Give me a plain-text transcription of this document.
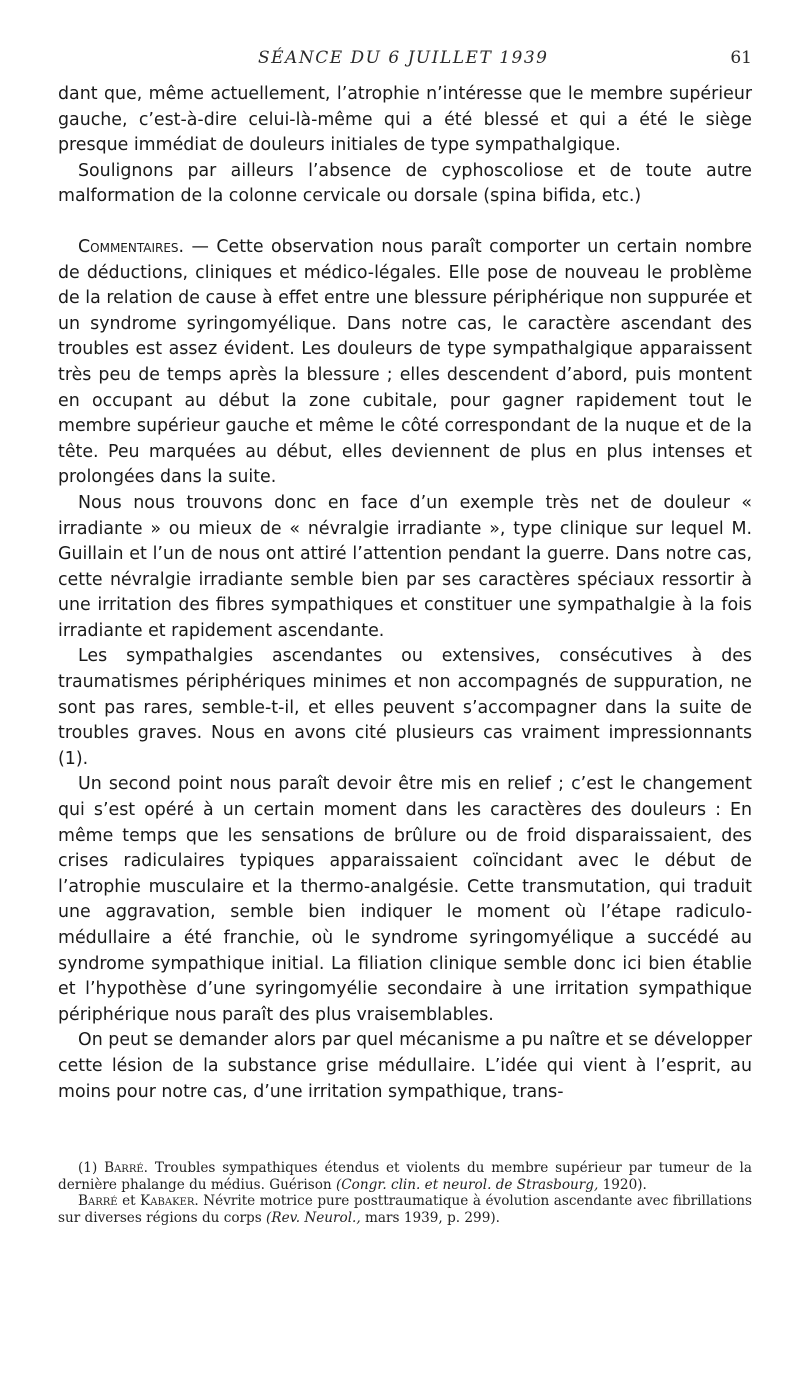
SÉANCE DU 6 JUILLET 1939	61

dant que, même actuellement, l’atrophie n’intéresse que le membre supérieur gauche, c’est-à-dire celui-là-même qui a été blessé et qui a été le siège presque immédiat de douleurs initiales de type sympathalgique.

Soulignons par ailleurs l’absence de cyphoscoliose et de toute autre malformation de la colonne cervicale ou dorsale (spina bifida, etc.)

Commentaires. — Cette observation nous paraît comporter un certain nombre de déductions, cliniques et médico-légales. Elle pose de nouveau le problème de la relation de cause à effet entre une blessure périphérique non suppurée et un syndrome syringomyélique. Dans notre cas, le caractère ascendant des troubles est assez évident. Les douleurs de type sympathalgique apparaissent très peu de temps après la blessure ; elles descendent d’abord, puis montent en occupant au début la zone cubitale, pour gagner rapidement tout le membre supérieur gauche et même le côté correspondant de la nuque et de la tête. Peu marquées au début, elles deviennent de plus en plus intenses et prolongées dans la suite.

Nous nous trouvons donc en face d’un exemple très net de douleur « irradiante » ou mieux de « névralgie irradiante », type clinique sur lequel M. Guillain et l’un de nous ont attiré l’attention pendant la guerre. Dans notre cas, cette névralgie irradiante semble bien par ses caractères spéciaux ressortir à une irritation des fibres sympathiques et constituer une sympathalgie à la fois irradiante et rapidement ascendante.

Les sympathalgies ascendantes ou extensives, consécutives à des traumatismes périphériques minimes et non accompagnés de suppuration, ne sont pas rares, semble-t-il, et elles peuvent s’accompagner dans la suite de troubles graves. Nous en avons cité plusieurs cas vraiment impressionnants (1).

Un second point nous paraît devoir être mis en relief ; c’est le changement qui s’est opéré à un certain moment dans les caractères des douleurs : En même temps que les sensations de brûlure ou de froid disparaissaient, des crises radiculaires typiques apparaissaient coïncidant avec le début de l’atrophie musculaire et la thermo-analgésie. Cette transmutation, qui traduit une aggravation, semble bien indiquer le moment où l’étape radiculo-médullaire a été franchie, où le syndrome syringomyélique a succédé au syndrome sympathique initial. La filiation clinique semble donc ici bien établie et l’hypothèse d’une syringomyélie secondaire à une irritation sympathique périphérique nous paraît des plus vraisemblables.

On peut se demander alors par quel mécanisme a pu naître et se développer cette lésion de la substance grise médullaire. L’idée qui vient à l’esprit, au moins pour notre cas, d’une irritation sympathique, trans-

(1) Barré. Troubles sympathiques étendus et violents du membre supérieur par tumeur de la dernière phalange du médius. Guérison (Congr. clin. et neurol. de Strasbourg, 1920).

Barré et Kabaker. Névrite motrice pure posttraumatique à évolution ascendante avec fibrillations sur diverses régions du corps (Rev. Neurol., mars 1939, p. 299).
